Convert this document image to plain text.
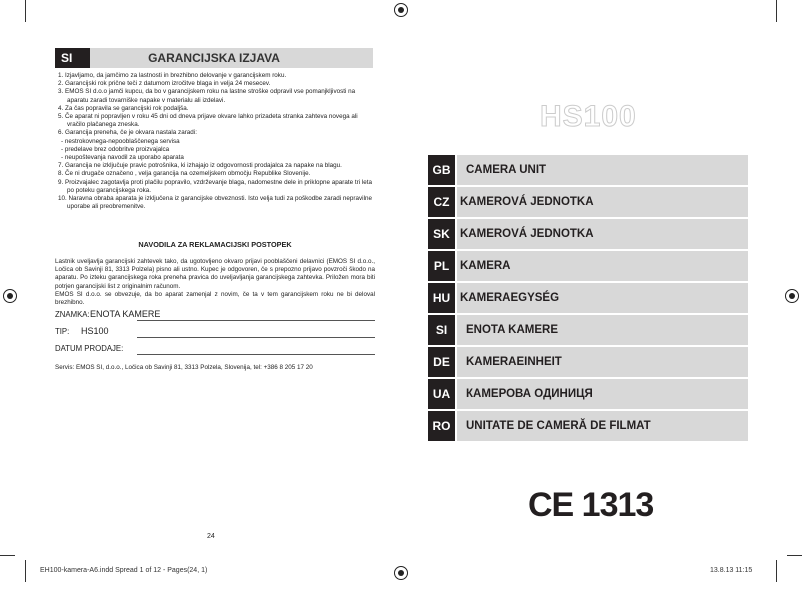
GARANCIJSKA IZJAVA
SI
1. Izjavljamo, da jamčimo za lastnosti in brezhibno delovanje v garancijskem roku.
2. Garancijski rok prične teči z datumom izročitve blaga in velja 24 mesecev.
3. EMOS SI d.o.o jamči kupcu, da bo v garancijskem roku na lastne stroške odpravil vse pomanjkljivosti na aparatu zaradi tovarniške napake v materialu ali izdelavi.
4. Za čas popravila se garancijski rok podaljša.
5. Če aparat ni popravljen v roku 45 dni od dneva prijave okvare lahko prizadeta stranka zahteva novega ali vračilo plačanega zneska.
6. Garancija preneha, če je okvara nastala zaradi:
- nestrokovnega-nepooblaščenega servisa
- predelave brez odobritve proizvajalca
- neupoštevanja navodil za uporabo aparata
7. Garancija ne izključuje pravic potrošnika, ki izhajajo iz odgovornosti prodajalca za napake na blagu.
8. Če ni drugače označeno , velja garancija na ozemeljskem območju Republike Slovenije.
9. Proizvajalec zagotavlja proti plačilu popravilo, vzdrževanje blaga, nadomestne dele in priklopne aparate tri leta po poteku garancijskega roka.
10. Naravna obraba aparata je izključena iz garancijske obveznosti. Isto velja tudi za poškodbe zaradi nepravilne uporabe ali preobremenitve.
NAVODILA ZA REKLAMACIJSKI POSTOPEK

Lastnik uveljavlja garancijski zahtevek tako, da ugotovljeno okvaro prijavi pooblaščeni delavnici (EMOS SI d.o.o., Ločica ob Savinji 81, 3313 Polzela) pisno ali ustno. Kupec je odgovoren, če s prepozno prijavo povzroči škodo na aparatu. Po izteku garancijskega roka preneha pravica do uveljavljanja garancijskega zahtevka. Priložen mora biti potrjen garancijski list z originalnim računom.

EMOS SI d.o.o. se obvezuje, da bo aparat zamenjal z novim, če ta v tem garancijskem roku ne bi deloval brezhibno.

ZNAMKA: ENOTA KAMERE
TIP: HS100
DATUM PRODAJE:
Servis: EMOS SI, d.o.o., Ločica ob Savinji 81, 3313 Polzela, Slovenija, tel: +386 8 205 17 20
24
HS100
CAMERA UNIT
GB
KAMEROVÁ JEDNOTKA
CZ
KAMEROVÁ JEDNOTKA
SK
KAMERA
PL
KAMERAEGYSÉG
HU
ENOTA KAMERE
SI
KAMERAEINHEIT
DE
КАМЕРОВА ОДИНИЦЯ
UA
UNITATE DE CAMERĂ DE FILMAT
RO
CE 1313
EH100-kamera-A6.indd Spread 1 of 12 - Pages(24, 1)	13.8.13 11:15
